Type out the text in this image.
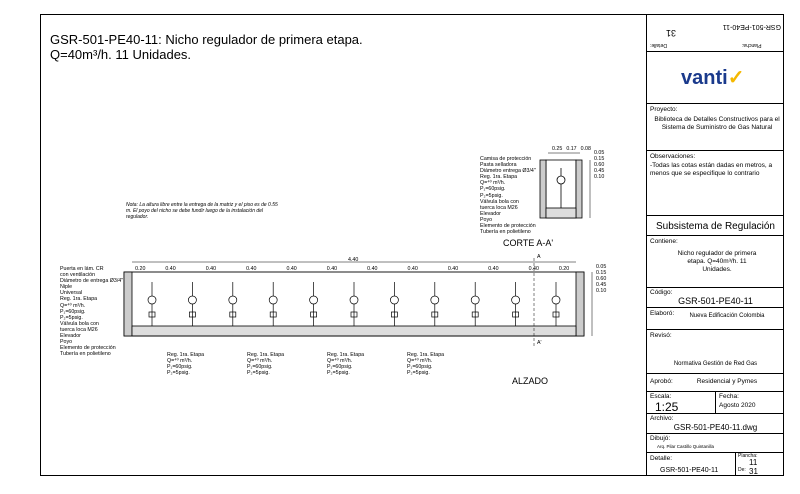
GSR-501-PE40-11: Nicho regulador de primera etapa.
Q=40m³/h. 11 Unidades.
Nota: La altura libre entre la entrega de la matriz y el piso es de 0.55 m. El poyo del nicho se debe fundir luego de la instalación del regulador.
Camisa de protección
Pasta selladora
Diámetro entrega Ø3/4"
Reg. 1ra. Etapa
Q=⁴⁰ m³/h.
P₁=60psig.
P₂=5psig.
Válvula bola con
tuerca loca M26
Elevador
Poyo
Elemento de protección
Tubería en polietileno
0.25 0.17 0.08
0.05
0.15
0.60
0.45
0.10
CORTE A-A'
Puerta en lám. CR
con ventilación
Diámetro de entrega Ø3/4"
Niple
Universal
Reg. 1ra. Etapa
Q=⁴⁰ m³/h.
P₁=60psig.
P₂=5psig.
Válvula bola con
tuerca loca M26
Elevador
Poyo
Elemento de protección
Tubería en polietileno
4.40
0.20	0.40	0.40	0.40	0.40	0.40	0.40	0.40	0.40	0.40	0.40	0.20	0.05
0.15
0.60
0.45
0.10
A
A'
Reg. 1ra. Etapa
Q=⁴⁰ m³/h.
P₁=60psig.
P₂=5psig.
Reg. 1ra. Etapa
Q=⁴⁰ m³/h.
P₁=60psig.
P₂=5psig.
Reg. 1ra. Etapa
Q=⁴⁰ m³/h.
P₁=60psig.
P₂=5psig.
Reg. 1ra. Etapa
Q=⁴⁰ m³/h.
P₁=60psig.
P₂=5psig.
ALZADO
Plancha:
31
Detalle:
GSR-501-PE40-11
vanti✓
Proyecto:
Biblioteca de Detalles Constructivos para el Sistema de Suministro de Gas Natural
Observaciones:
-Todas las cotas están dadas en metros, a menos que se especifique lo contrario
Subsistema de Regulación
Contiene:
Nicho regulador de primera etapa. Q=40m³/h. 11 Unidades.
Código:
GSR-501-PE40-11
Elaboró:	Nueva Edificación Colombia
Revisó:
Normativa Gestión de Red Gas
Aprobó:	Residencial y Pymes
Escala:
1:25
Fecha:
Agosto 2020
Archivo:
GSR-501-PE40-11.dwg
Dibujó:
Arq. Pilar Castillo Quintanilla
Detalle:
GSR-501-PE40-11
Plancha:
11
De: 31
